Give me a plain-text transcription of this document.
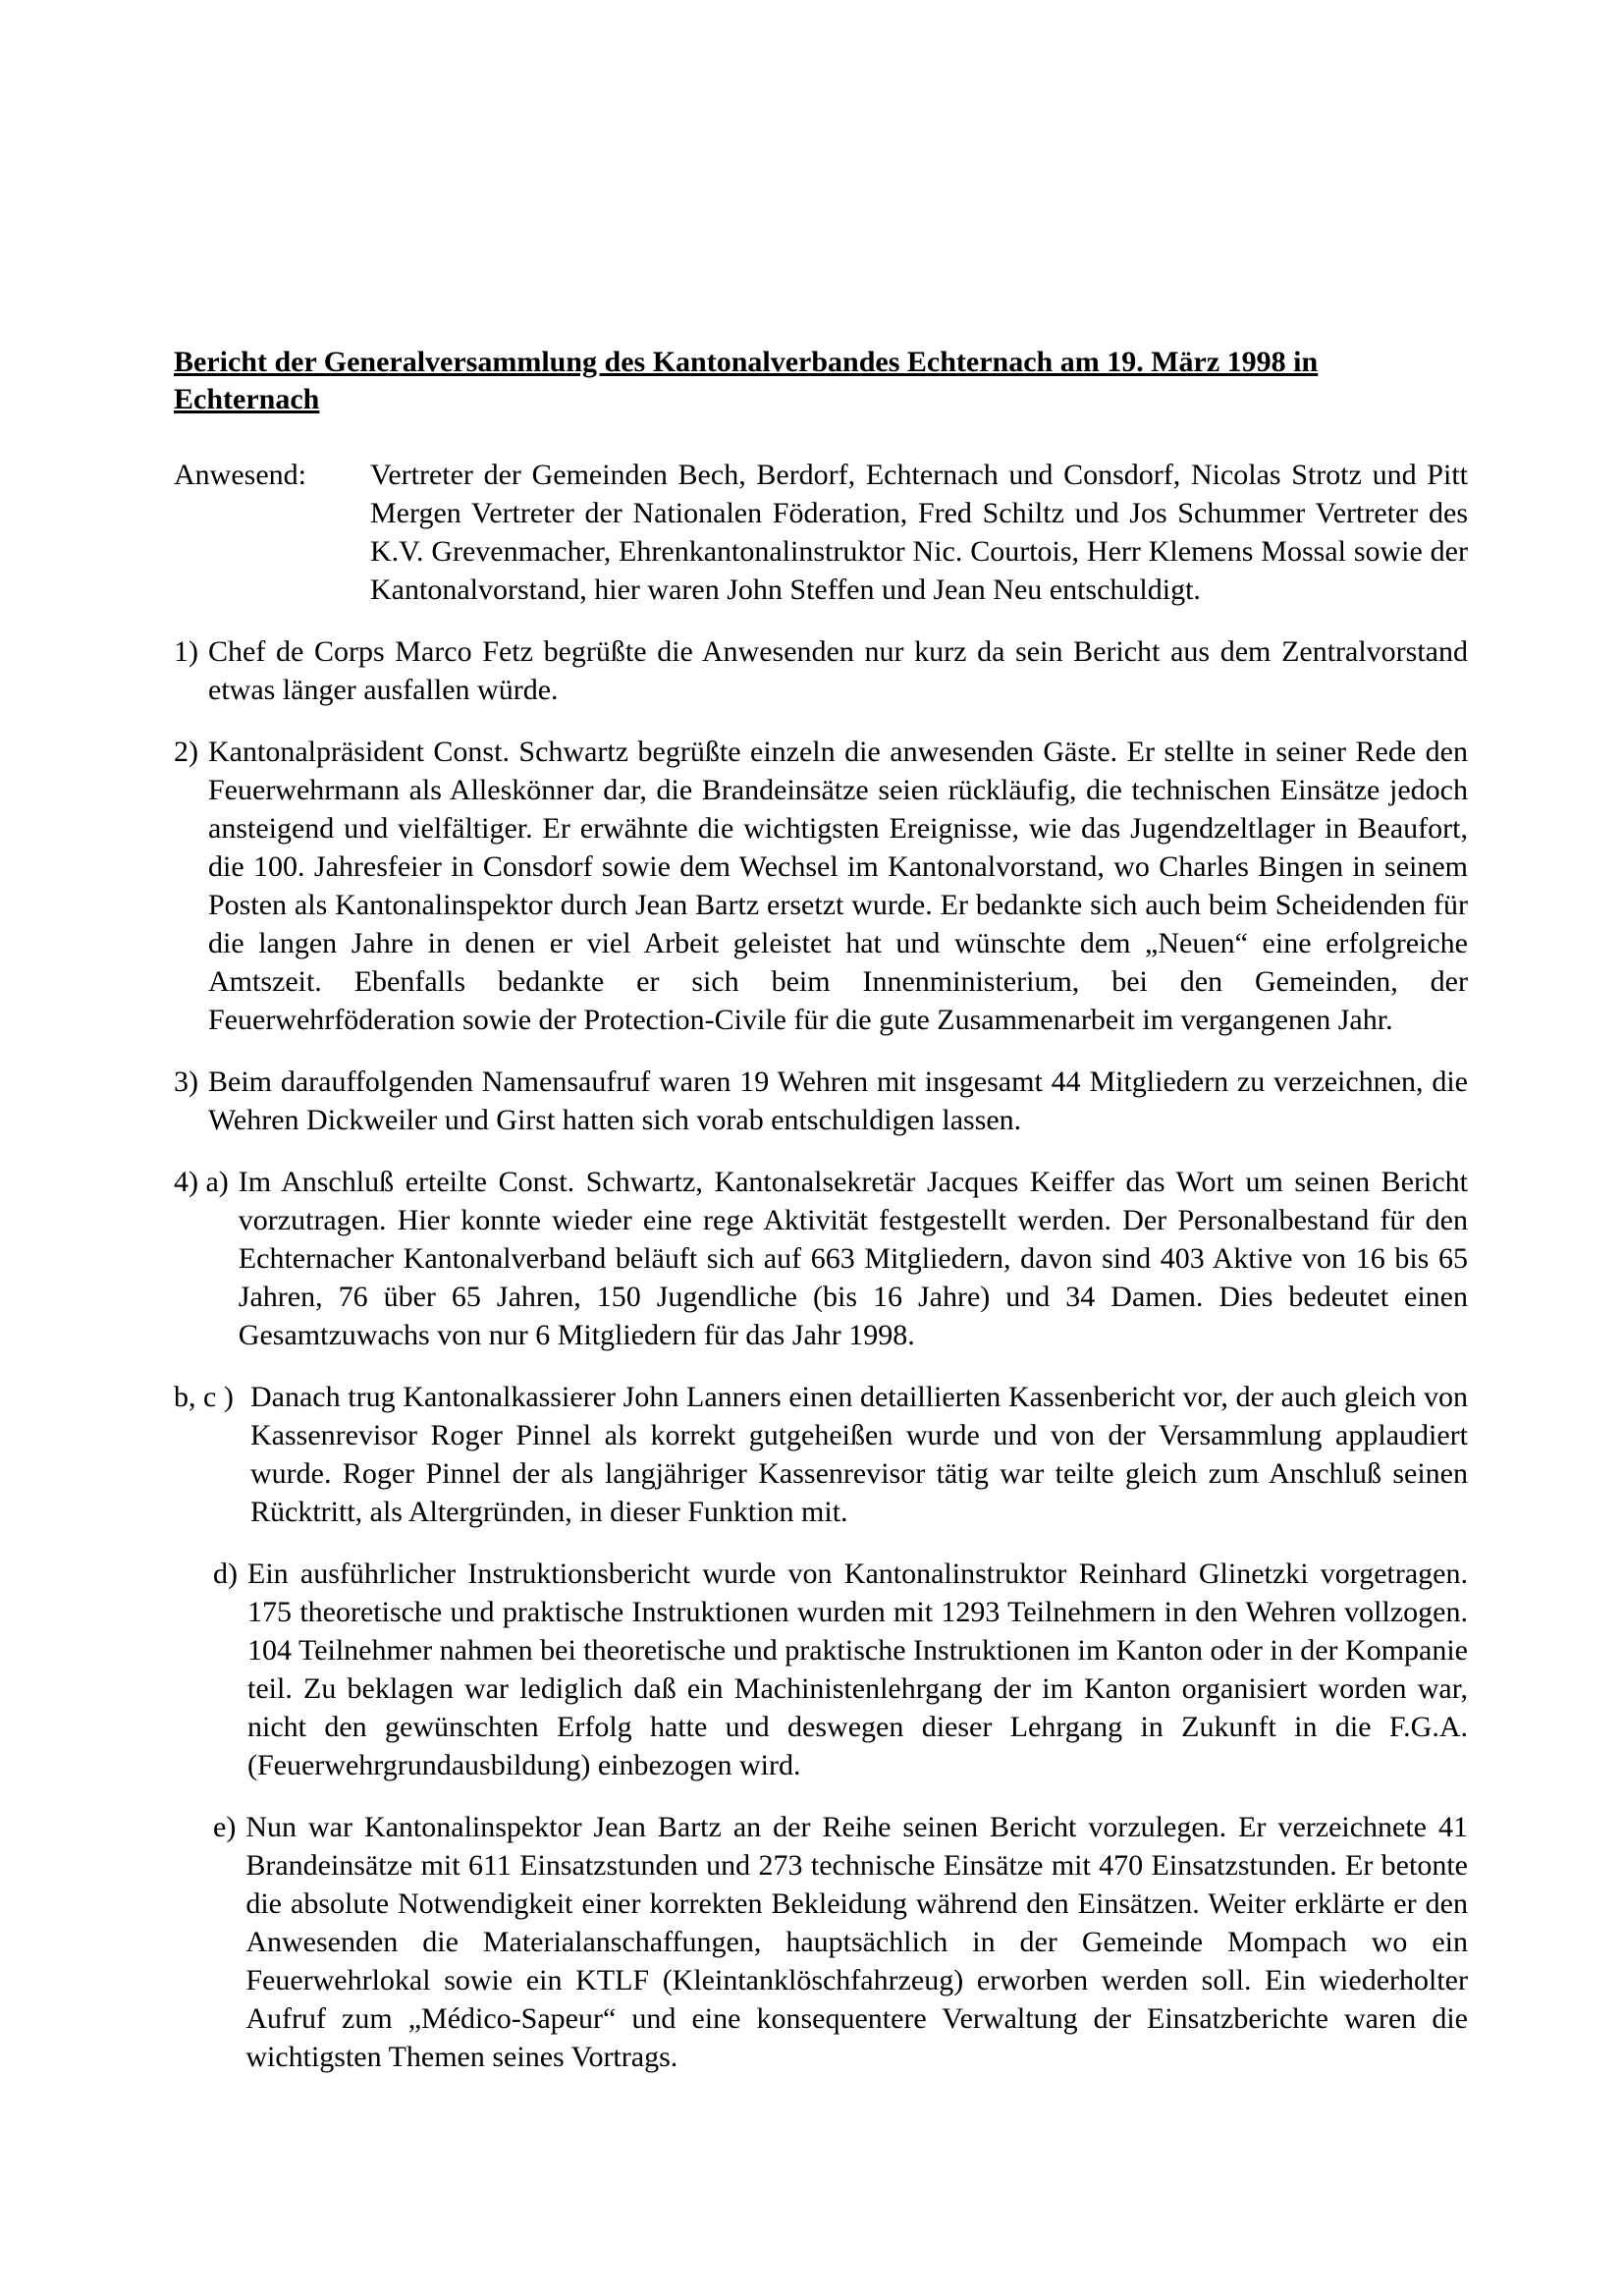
Bericht der Generalversammlung des Kantonalverbandes Echternach am 19. März 1998 in Echternach
Anwesend:	Vertreter der Gemeinden Bech, Berdorf, Echternach und Consdorf, Nicolas Strotz und Pitt Mergen Vertreter der Nationalen Föderation, Fred Schiltz und Jos Schummer Vertreter des K.V. Grevenmacher, Ehrenkantonalinstruktor Nic. Courtois, Herr Klemens Mossal sowie der Kantonalvorstand, hier waren John Steffen und Jean Neu entschuldigt.
1) Chef de Corps Marco Fetz begrüßte die Anwesenden nur kurz da sein Bericht aus dem Zentralvorstand etwas länger ausfallen würde.
2) Kantonalpräsident Const. Schwartz begrüßte einzeln die anwesenden Gäste. Er stellte in seiner Rede den Feuerwehrmann als Alleskönner dar, die Brandeinsätze seien rückläufig, die technischen Einsätze jedoch ansteigend und vielfältiger. Er erwähnte die wichtigsten Ereignisse, wie das Jugendzeltlager in Beaufort, die 100. Jahresfeier in Consdorf sowie dem Wechsel im Kantonalvorstand, wo Charles Bingen in seinem Posten als Kantonalinspektor durch Jean Bartz ersetzt wurde. Er bedankte sich auch beim Scheidenden für die langen Jahre in denen er viel Arbeit geleistet hat und wünschte dem „Neuen“ eine erfolgreiche Amtszeit. Ebenfalls bedankte er sich beim Innenministerium, bei den Gemeinden, der Feuerwehrföderation sowie der Protection-Civile für die gute Zusammenarbeit im vergangenen Jahr.
3) Beim darauffolgenden Namensaufruf waren 19 Wehren mit insgesamt 44 Mitgliedern zu verzeichnen, die Wehren Dickweiler und Girst hatten sich vorab entschuldigen lassen.
4) a) Im Anschluß erteilte Const. Schwartz, Kantonalsekretär Jacques Keiffer das Wort um seinen Bericht vorzutragen. Hier konnte wieder eine rege Aktivität festgestellt werden. Der Personalbestand für den Echternacher Kantonalverband beläuft sich auf 663 Mitgliedern, davon sind 403 Aktive von 16 bis 65 Jahren, 76 über 65 Jahren, 150 Jugendliche (bis 16 Jahre) und 34 Damen. Dies bedeutet einen Gesamtzuwachs von nur 6 Mitgliedern für das Jahr 1998.
b, c ) Danach trug Kantonalkassierer John Lanners einen detaillierten Kassenbericht vor, der auch gleich von Kassenrevisor Roger Pinnel als korrekt gutgeheißen wurde und von der Versammlung applaudiert wurde. Roger Pinnel der als langjähriger Kassenrevisor tätig war teilte gleich zum Anschluß seinen Rücktritt, als Altergründen, in dieser Funktion mit.
d) Ein ausführlicher Instruktionsbericht wurde von Kantonalinstruktor Reinhard Glinetzki vorgetragen. 175 theoretische und praktische Instruktionen wurden mit 1293 Teilnehmern in den Wehren vollzogen. 104 Teilnehmer nahmen bei theoretische und praktische Instruktionen im Kanton oder in der Kompanie teil. Zu beklagen war lediglich daß ein Machinistenlehrgang der im Kanton organisiert worden war, nicht den gewünschten Erfolg hatte und deswegen dieser Lehrgang in Zukunft in die F.G.A. (Feuerwehrgrundausbildung) einbezogen wird.
e) Nun war Kantonalinspektor Jean Bartz an der Reihe seinen Bericht vorzulegen. Er verzeichnete 41 Brandeinsätze mit 611 Einsatzstunden und 273 technische Einsätze mit 470 Einsatzstunden. Er betonte die absolute Notwendigkeit einer korrekten Bekleidung während den Einsätzen. Weiter erklärte er den Anwesenden die Materialanschaffungen, hauptsächlich in der Gemeinde Mompach wo ein Feuerwehrlokal sowie ein KTLF (Kleintanklöschfahrzeug) erworben werden soll. Ein wiederholter Aufruf zum „Médico-Sapeur“ und eine konsequentere Verwaltung der Einsatzberichte waren die wichtigsten Themen seines Vortrags.
